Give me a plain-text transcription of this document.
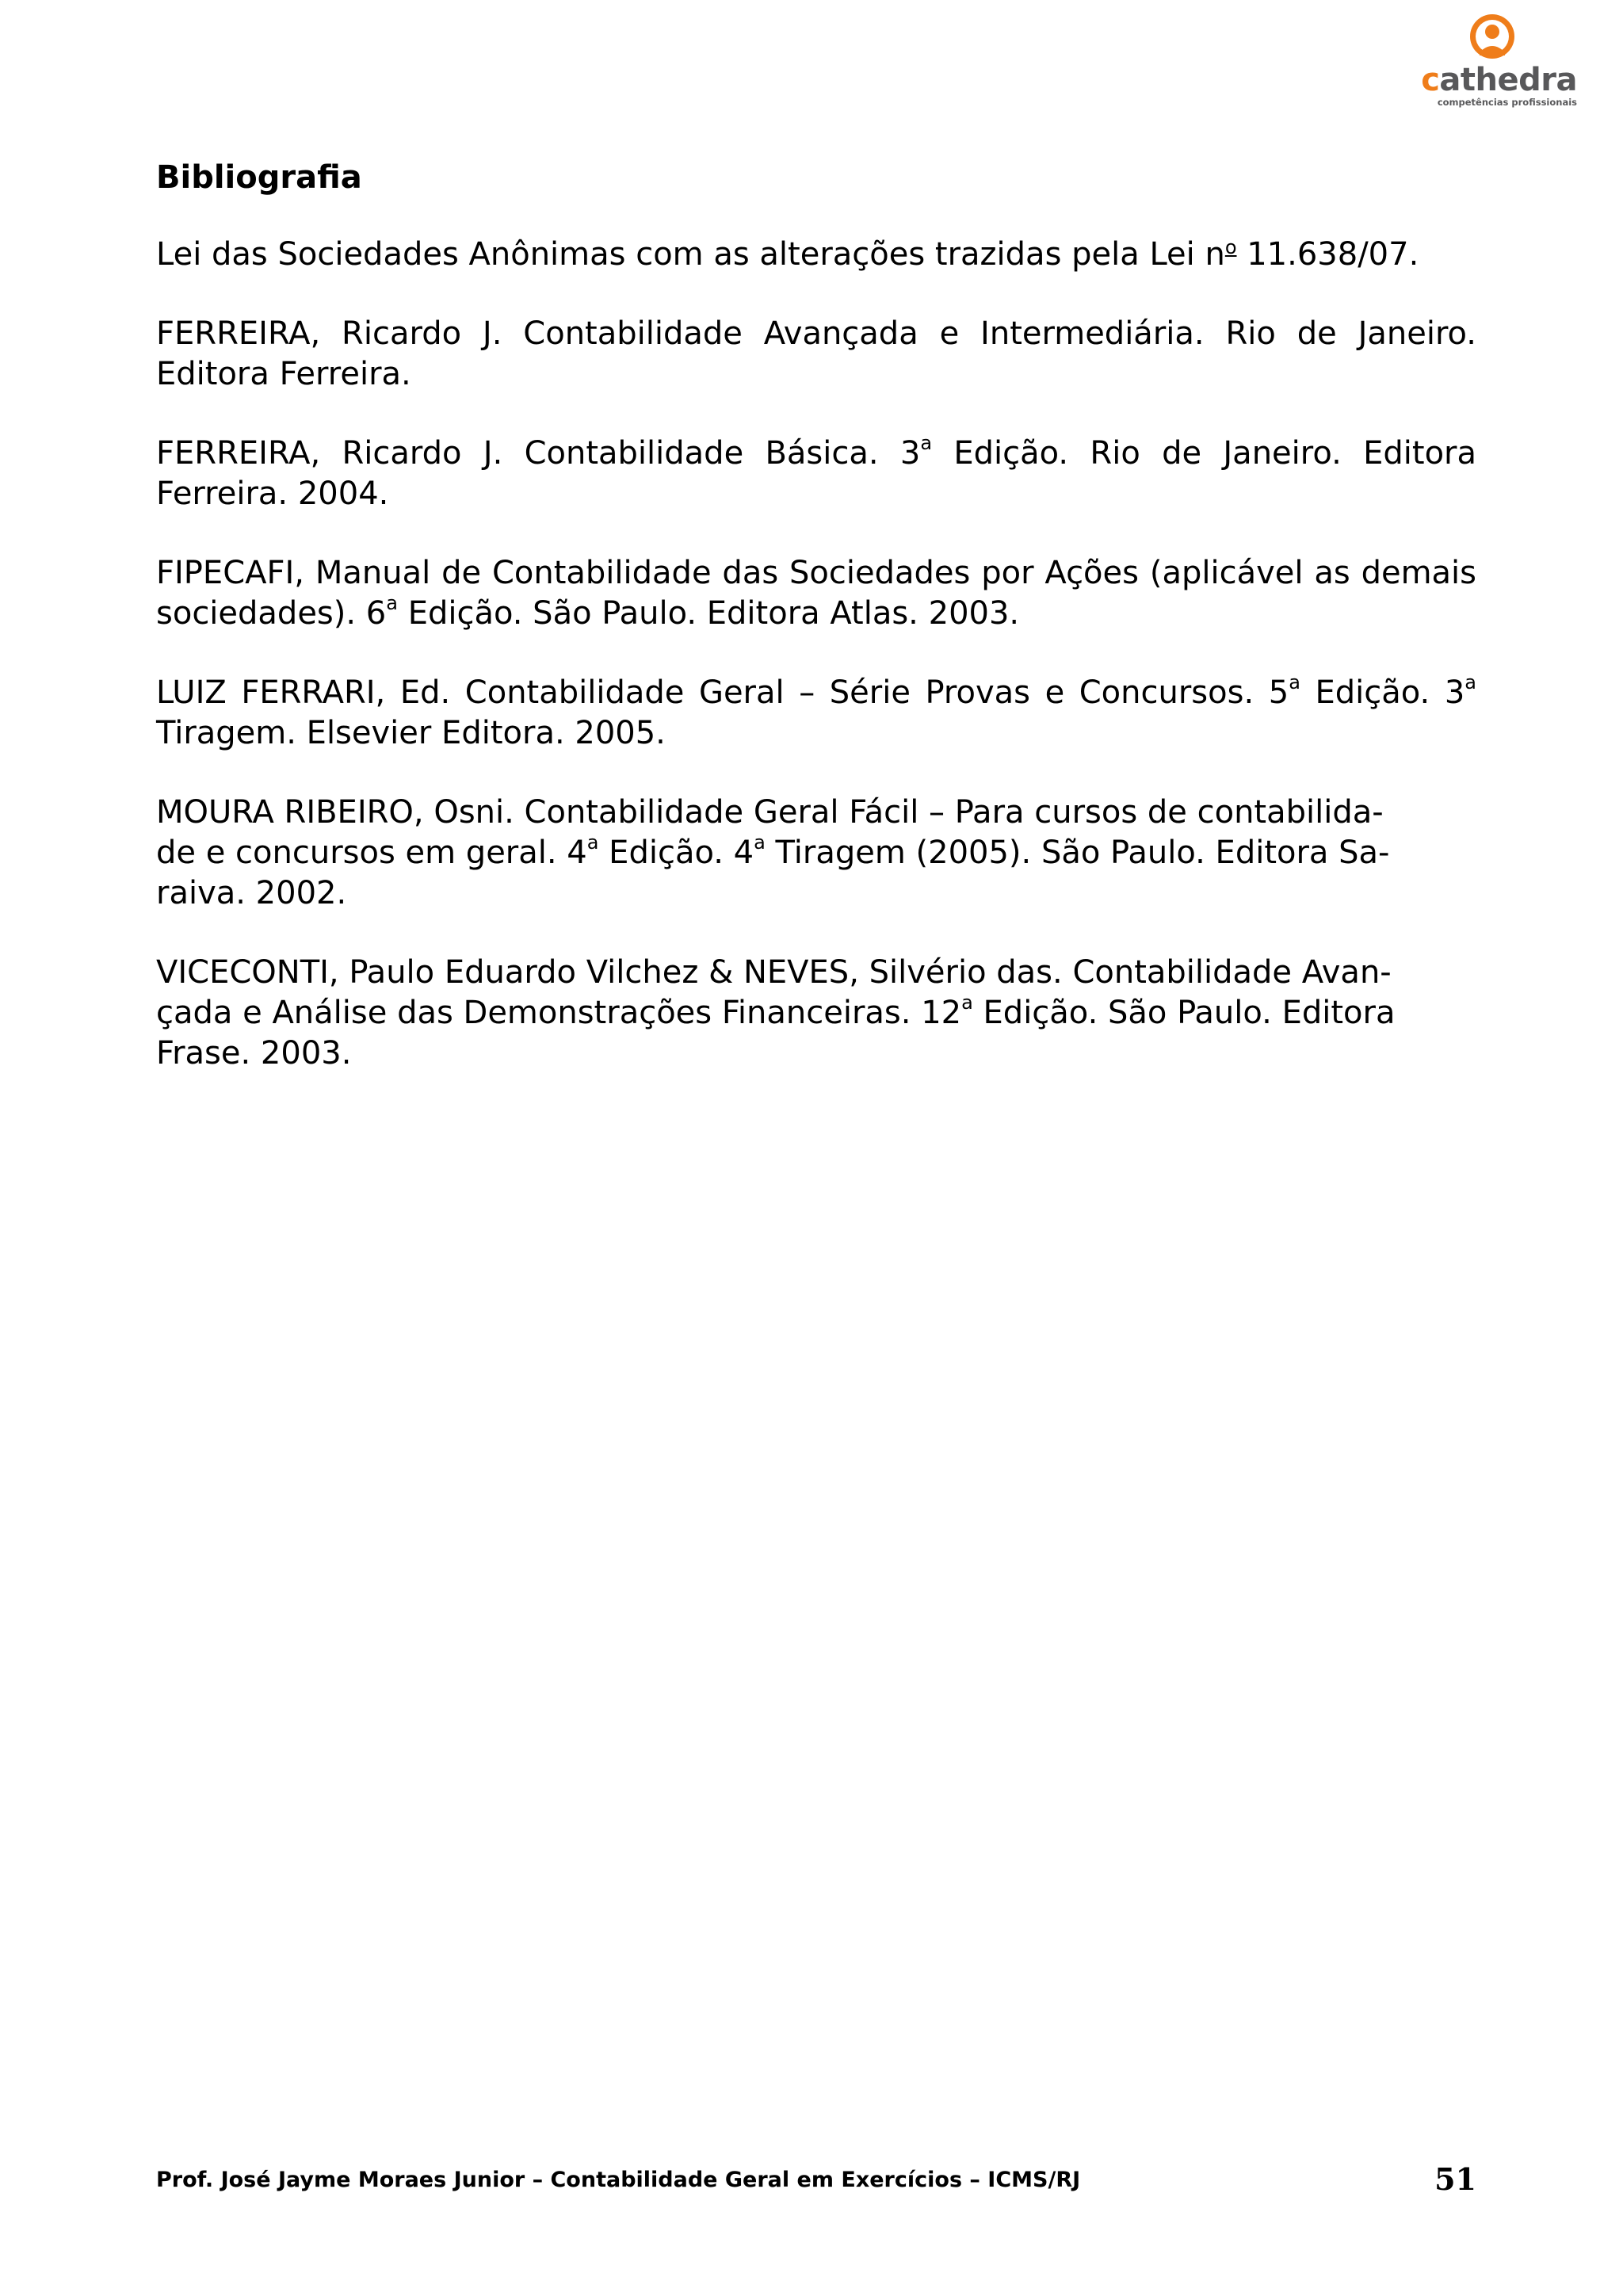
cathedra
competências profissionais
Bibliografia

Lei das Sociedades Anônimas com as alterações trazidas pela Lei $n^o$ 11.638/07.

FERREIRA, Ricardo J. Contabilidade Avançada e Intermediária. Rio de Janeiro. Editora Ferreira.

FERREIRA, Ricardo J. Contabilidade Básica. 3$^a$ Edição. Rio de Janeiro. Editora Ferreira. 2004.

FIPECAFI, Manual de Contabilidade das Sociedades por Ações (aplicável as demais sociedades). 6$^a$ Edição. São Paulo. Editora Atlas. 2003.

LUIZ FERRARI, Ed. Contabilidade Geral – Série Provas e Concursos. 5$^a$ Edição. 3$^a$ Tiragem. Elsevier Editora. 2005.

MOURA RIBEIRO, Osni. Contabilidade Geral Fácil – Para cursos de contabilida-
de e concursos em geral. 4$^a$ Edição. 4$^a$ Tiragem (2005). São Paulo. Editora Sa-
raiva. 2002.

VICECONTI, Paulo Eduardo Vilchez & NEVES, Silvério das. Contabilidade Avan-
çada e Análise das Demonstrações Financeiras. 12$^a$ Edição. São Paulo. Editora
Frase. 2003.

Prof. José Jayme Moraes Junior – Contabilidade Geral em Exercícios – ICMS/RJ	51
